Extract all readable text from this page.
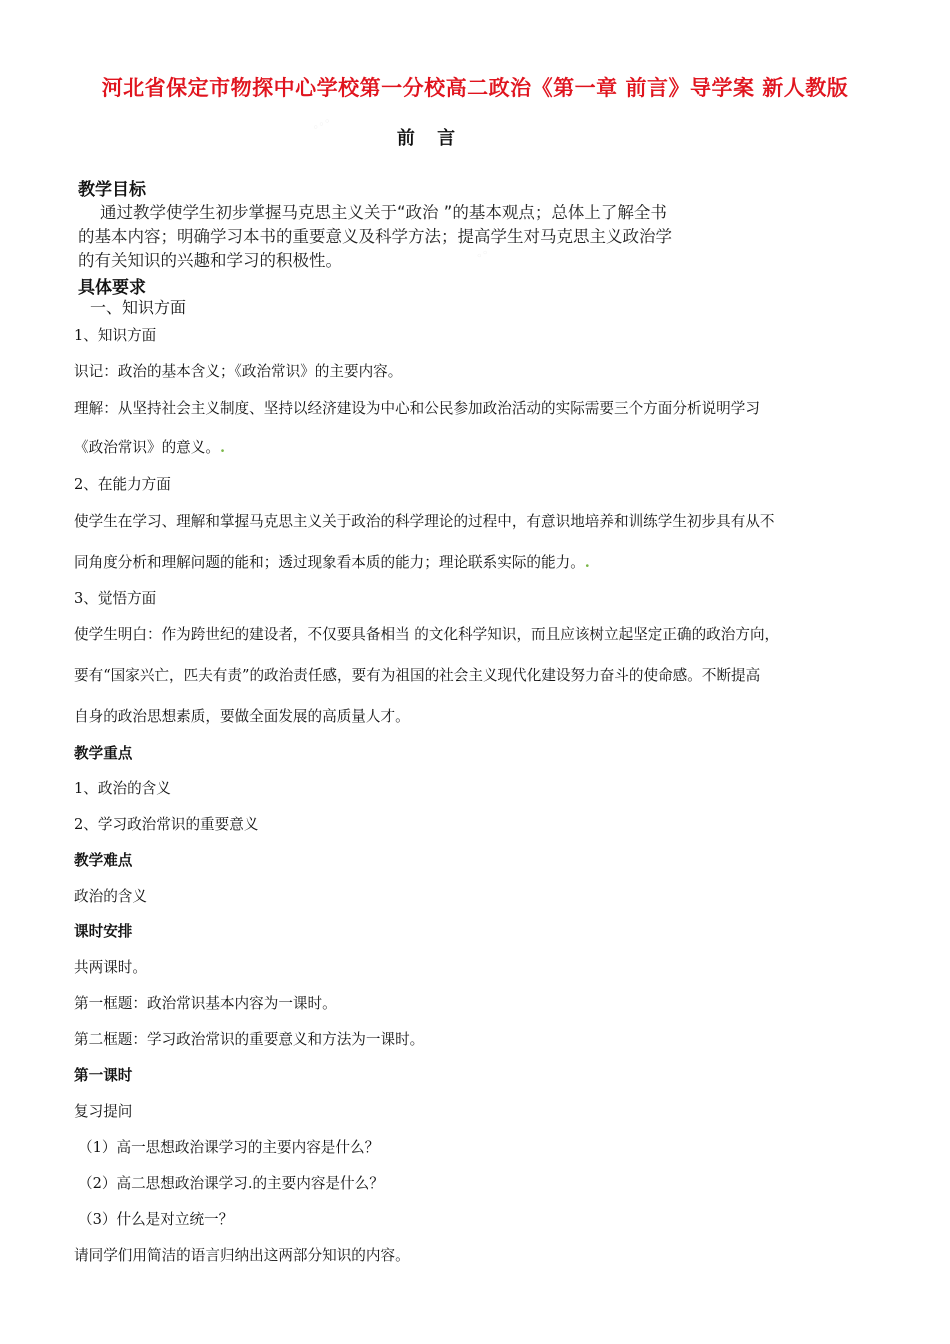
◦◦◦
◦◦
河北省保定市物探中心学校第一分校高二政治《第一章 前言》导学案 新人教版
前 言
教学目标
通过教学使学生初步掌握马克思主义关于“政治 ”的基本观点；总体上了解全书
的基本内容；明确学习本书的重要意义及科学方法；提高学生对马克思主义政治学
的有关知识的兴趣和学习的积极性。
具体要求
一、知识方面
1、知识方面
识记：政治的基本含义；《政治常识》的主要内容。
理解：从坚持社会主义制度、坚持以经济建设为中心和公民参加政治活动的实际需要三个方面分析说明学习
《政治常识》的意义。.
2、在能力方面
使学生在学习、理解和掌握马克思主义关于政治的科学理论的过程中，有意识地培养和训练学生初步具有从不
同角度分析和理解问题的能和；透过现象看本质的能力；理论联系实际的能力。.
3、觉悟方面
使学生明白：作为跨世纪的建设者，不仅要具备相当 的文化科学知识，而且应该树立起坚定正确的政治方向，
要有“国家兴亡，匹夫有责”的政治责任感，要有为祖国的社会主义现代化建设努力奋斗的使命感。不断提高
自身的政治思想素质，要做全面发展的高质量人才。
教学重点
1、政治的含义
2、学习政治常识的重要意义
教学难点
政治的含义
课时安排
共两课时。
第一框题：政治常识基本内容为一课时。
第二框题：学习政治常识的重要意义和方法为一课时。
第一课时
复习提问
（1）高一思想政治课学习的主要内容是什么？
（2）高二思想政治课学习.的主要内容是什么？
（3）什么是对立统一？
请同学们用简洁的语言归纳出这两部分知识的内容。
